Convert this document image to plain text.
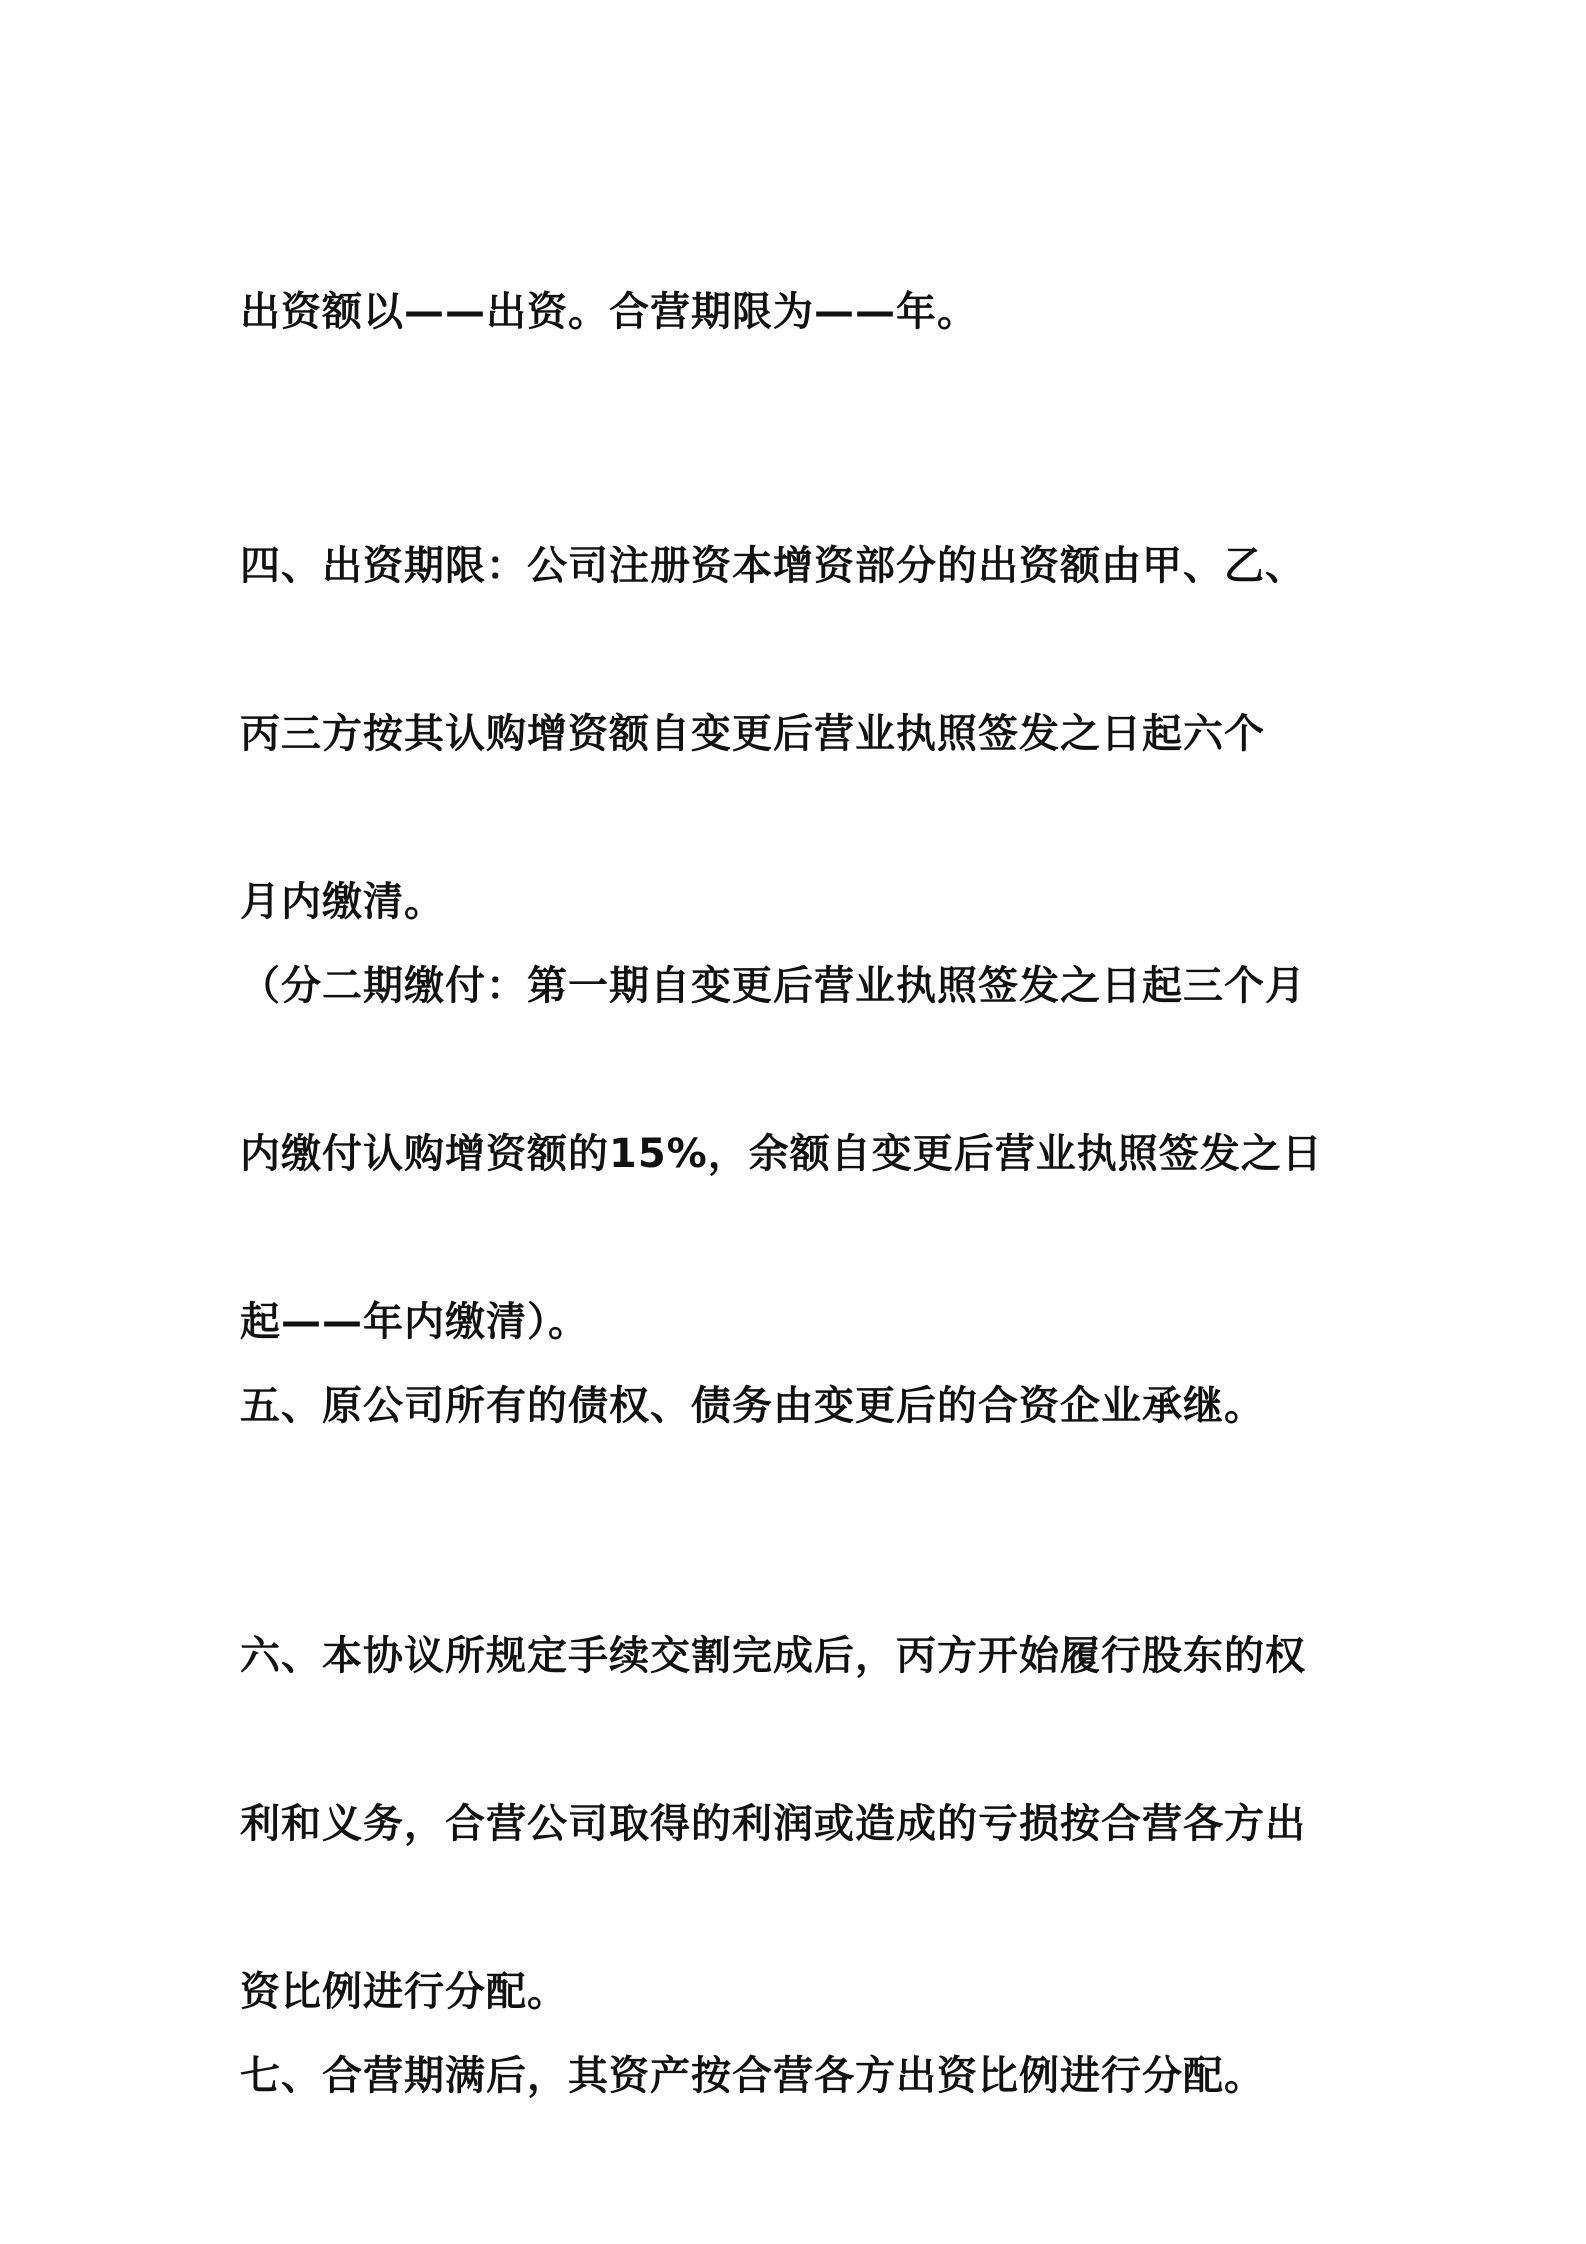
出资额以——出资。合营期限为——年。

四、出资期限：公司注册资本增资部分的出资额由甲、乙、

丙三方按其认购增资额自变更后营业执照签发之日起六个

月内缴清。

（分二期缴付：第一期自变更后营业执照签发之日起三个月

内缴付认购增资额的15%，余额自变更后营业执照签发之日

起——年内缴清）。

五、原公司所有的债权、债务由变更后的合资企业承继。

六、本协议所规定手续交割完成后，丙方开始履行股东的权

利和义务，合营公司取得的利润或造成的亏损按合营各方出

资比例进行分配。

七、合营期满后，其资产按合营各方出资比例进行分配。
